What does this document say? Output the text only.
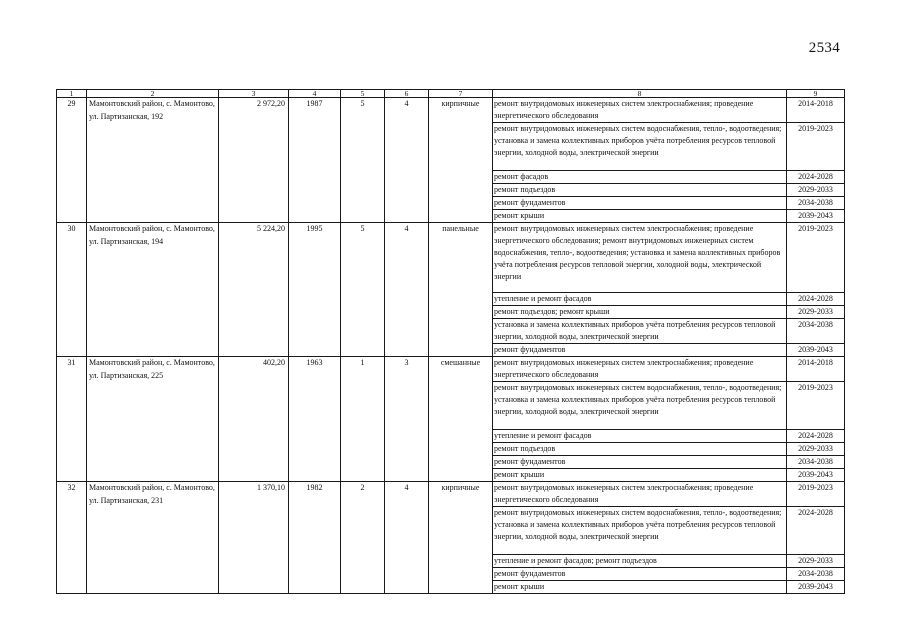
2534
1	2	3	4	5	6	7	8	9
29	Мамонтовский район, с. Мамонтово, ул. Партизанская, 192	2 972,20	1987	5	4	кирпичные	ремонт внутридомовых инженерных систем электроснабжения; проведение энергетического обследования	2014-2018
							ремонт внутридомовых инженерных систем водоснабжения, тепло-, водоотведения; установка и замена коллективных приборов учёта потребления ресурсов тепловой энергии, холодной воды, электрической энергии	2019-2023
							ремонт фасадов	2024-2028
							ремонт подъездов	2029-2033
							ремонт фундаментов	2034-2038
							ремонт крыши	2039-2043
30	Мамонтовский район, с. Мамонтово, ул. Партизанская, 194	5 224,20	1995	5	4	панельные	ремонт внутридомовых инженерных систем электроснабжения; проведение энергетического обследования; ремонт внутридомовых инженерных систем водоснабжения, тепло-, водоотведения; установка и замена коллективных приборов учёта потребления ресурсов тепловой энергии, холодной воды, электрической энергии	2019-2023
							утепление и ремонт фасадов	2024-2028
							ремонт подъездов; ремонт крыши	2029-2033
							установка и замена коллективных приборов учёта потребления ресурсов тепловой энергии, холодной воды, электрической энергии	2034-2038
							ремонт фундаментов	2039-2043
31	Мамонтовский район, с. Мамонтово, ул. Партизанская, 225	402,20	1963	1	3	смешанные	ремонт внутридомовых инженерных систем электроснабжения; проведение энергетического обследования	2014-2018
							ремонт внутридомовых инженерных систем водоснабжения, тепло-, водоотведения; установка и замена коллективных приборов учёта потребления ресурсов тепловой энергии, холодной воды, электрической энергии	2019-2023
							утепление и ремонт фасадов	2024-2028
							ремонт подъездов	2029-2033
							ремонт фундаментов	2034-2038
							ремонт крыши	2039-2043
32	Мамонтовский район, с. Мамонтово, ул. Партизанская, 231	1 370,10	1982	2	4	кирпичные	ремонт внутридомовых инженерных систем электроснабжения; проведение энергетического обследования	2019-2023
							ремонт внутридомовых инженерных систем водоснабжения, тепло-, водоотведения; установка и замена коллективных приборов учёта потребления ресурсов тепловой энергии, холодной воды, электрической энергии	2024-2028
							утепление и ремонт фасадов; ремонт подъездов	2029-2033
							ремонт фундаментов	2034-2038
							ремонт крыши	2039-2043
